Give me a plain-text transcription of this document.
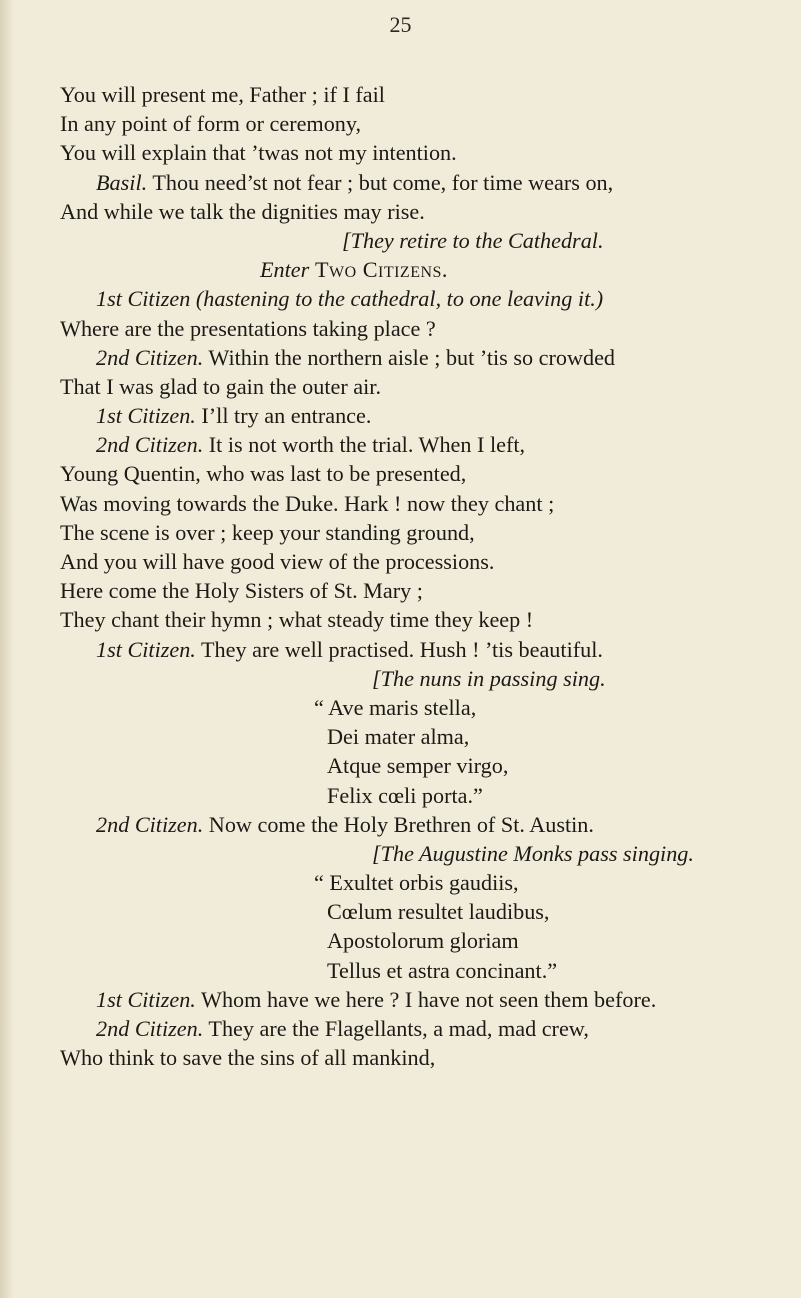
25
You will present me, Father ; if I fail
In any point of form or ceremony,
You will explain that ’twas not my intention.
Basil. Thou need’st not fear ; but come, for time wears on,
And while we talk the dignities may rise.
[They retire to the Cathedral.
Enter Two Citizens.
1st Citizen (hastening to the cathedral, to one leaving it.)
Where are the presentations taking place ?
2nd Citizen. Within the northern aisle ; but ’tis so crowded
That I was glad to gain the outer air.
1st Citizen. I’ll try an entrance.
2nd Citizen. It is not worth the trial. When I left,
Young Quentin, who was last to be presented,
Was moving towards the Duke. Hark ! now they chant ;
The scene is over ; keep your standing ground,
And you will have good view of the processions.
Here come the Holy Sisters of St. Mary ;
They chant their hymn ; what steady time they keep !
1st Citizen. They are well practised. Hush ! ’tis beautiful.
[The nuns in passing sing.
“ Ave maris stella,
Dei mater alma,
Atque semper virgo,
Felix cœli porta.”
2nd Citizen. Now come the Holy Brethren of St. Austin.
[The Augustine Monks pass singing.
“ Exultet orbis gaudiis,
Cœlum resultet laudibus,
Apostolorum gloriam
Tellus et astra concinant.”
1st Citizen. Whom have we here ? I have not seen them before.
2nd Citizen. They are the Flagellants, a mad, mad crew,
Who think to save the sins of all mankind,
